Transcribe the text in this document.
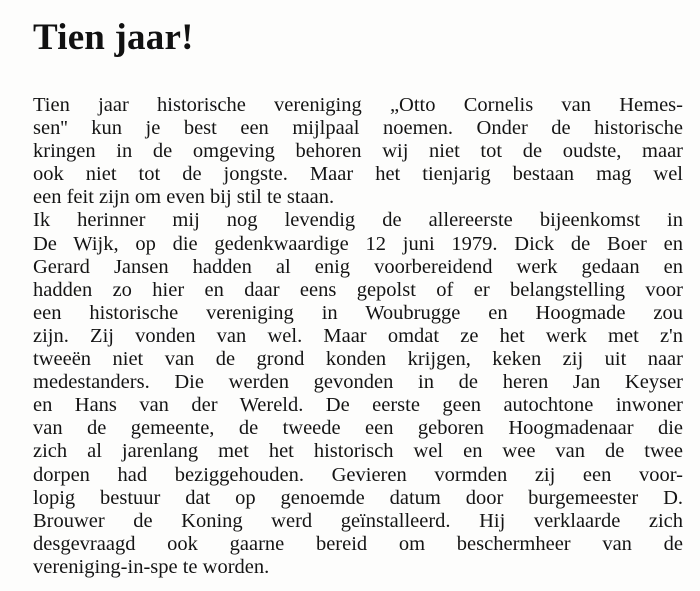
Tien jaar!
Tien jaar historische vereniging „Otto Cornelis van Hemes-
sen'' kun je best een mijlpaal noemen. Onder de historische
kringen in de omgeving behoren wij niet tot de oudste, maar
ook niet tot de jongste. Maar het tienjarig bestaan mag wel
een feit zijn om even bij stil te staan.
Ik herinner mij nog levendig de allereerste bijeenkomst in
De Wijk, op die gedenkwaardige 12 juni 1979. Dick de Boer en
Gerard Jansen hadden al enig voorbereidend werk gedaan en
hadden zo hier en daar eens gepolst of er belangstelling voor
een historische vereniging in Woubrugge en Hoogmade zou
zijn. Zij vonden van wel. Maar omdat ze het werk met z'n
tweeën niet van de grond konden krijgen, keken zij uit naar
medestanders. Die werden gevonden in de heren Jan Keyser
en Hans van der Wereld. De eerste geen autochtone inwoner
van de gemeente, de tweede een geboren Hoogmadenaar die
zich al jarenlang met het historisch wel en wee van de twee
dorpen had beziggehouden. Gevieren vormden zij een voor-
lopig bestuur dat op genoemde datum door burgemeester D.
Brouwer de Koning werd geïnstalleerd. Hij verklaarde zich
desgevraagd ook gaarne bereid om beschermheer van de
vereniging-in-spe te worden.
